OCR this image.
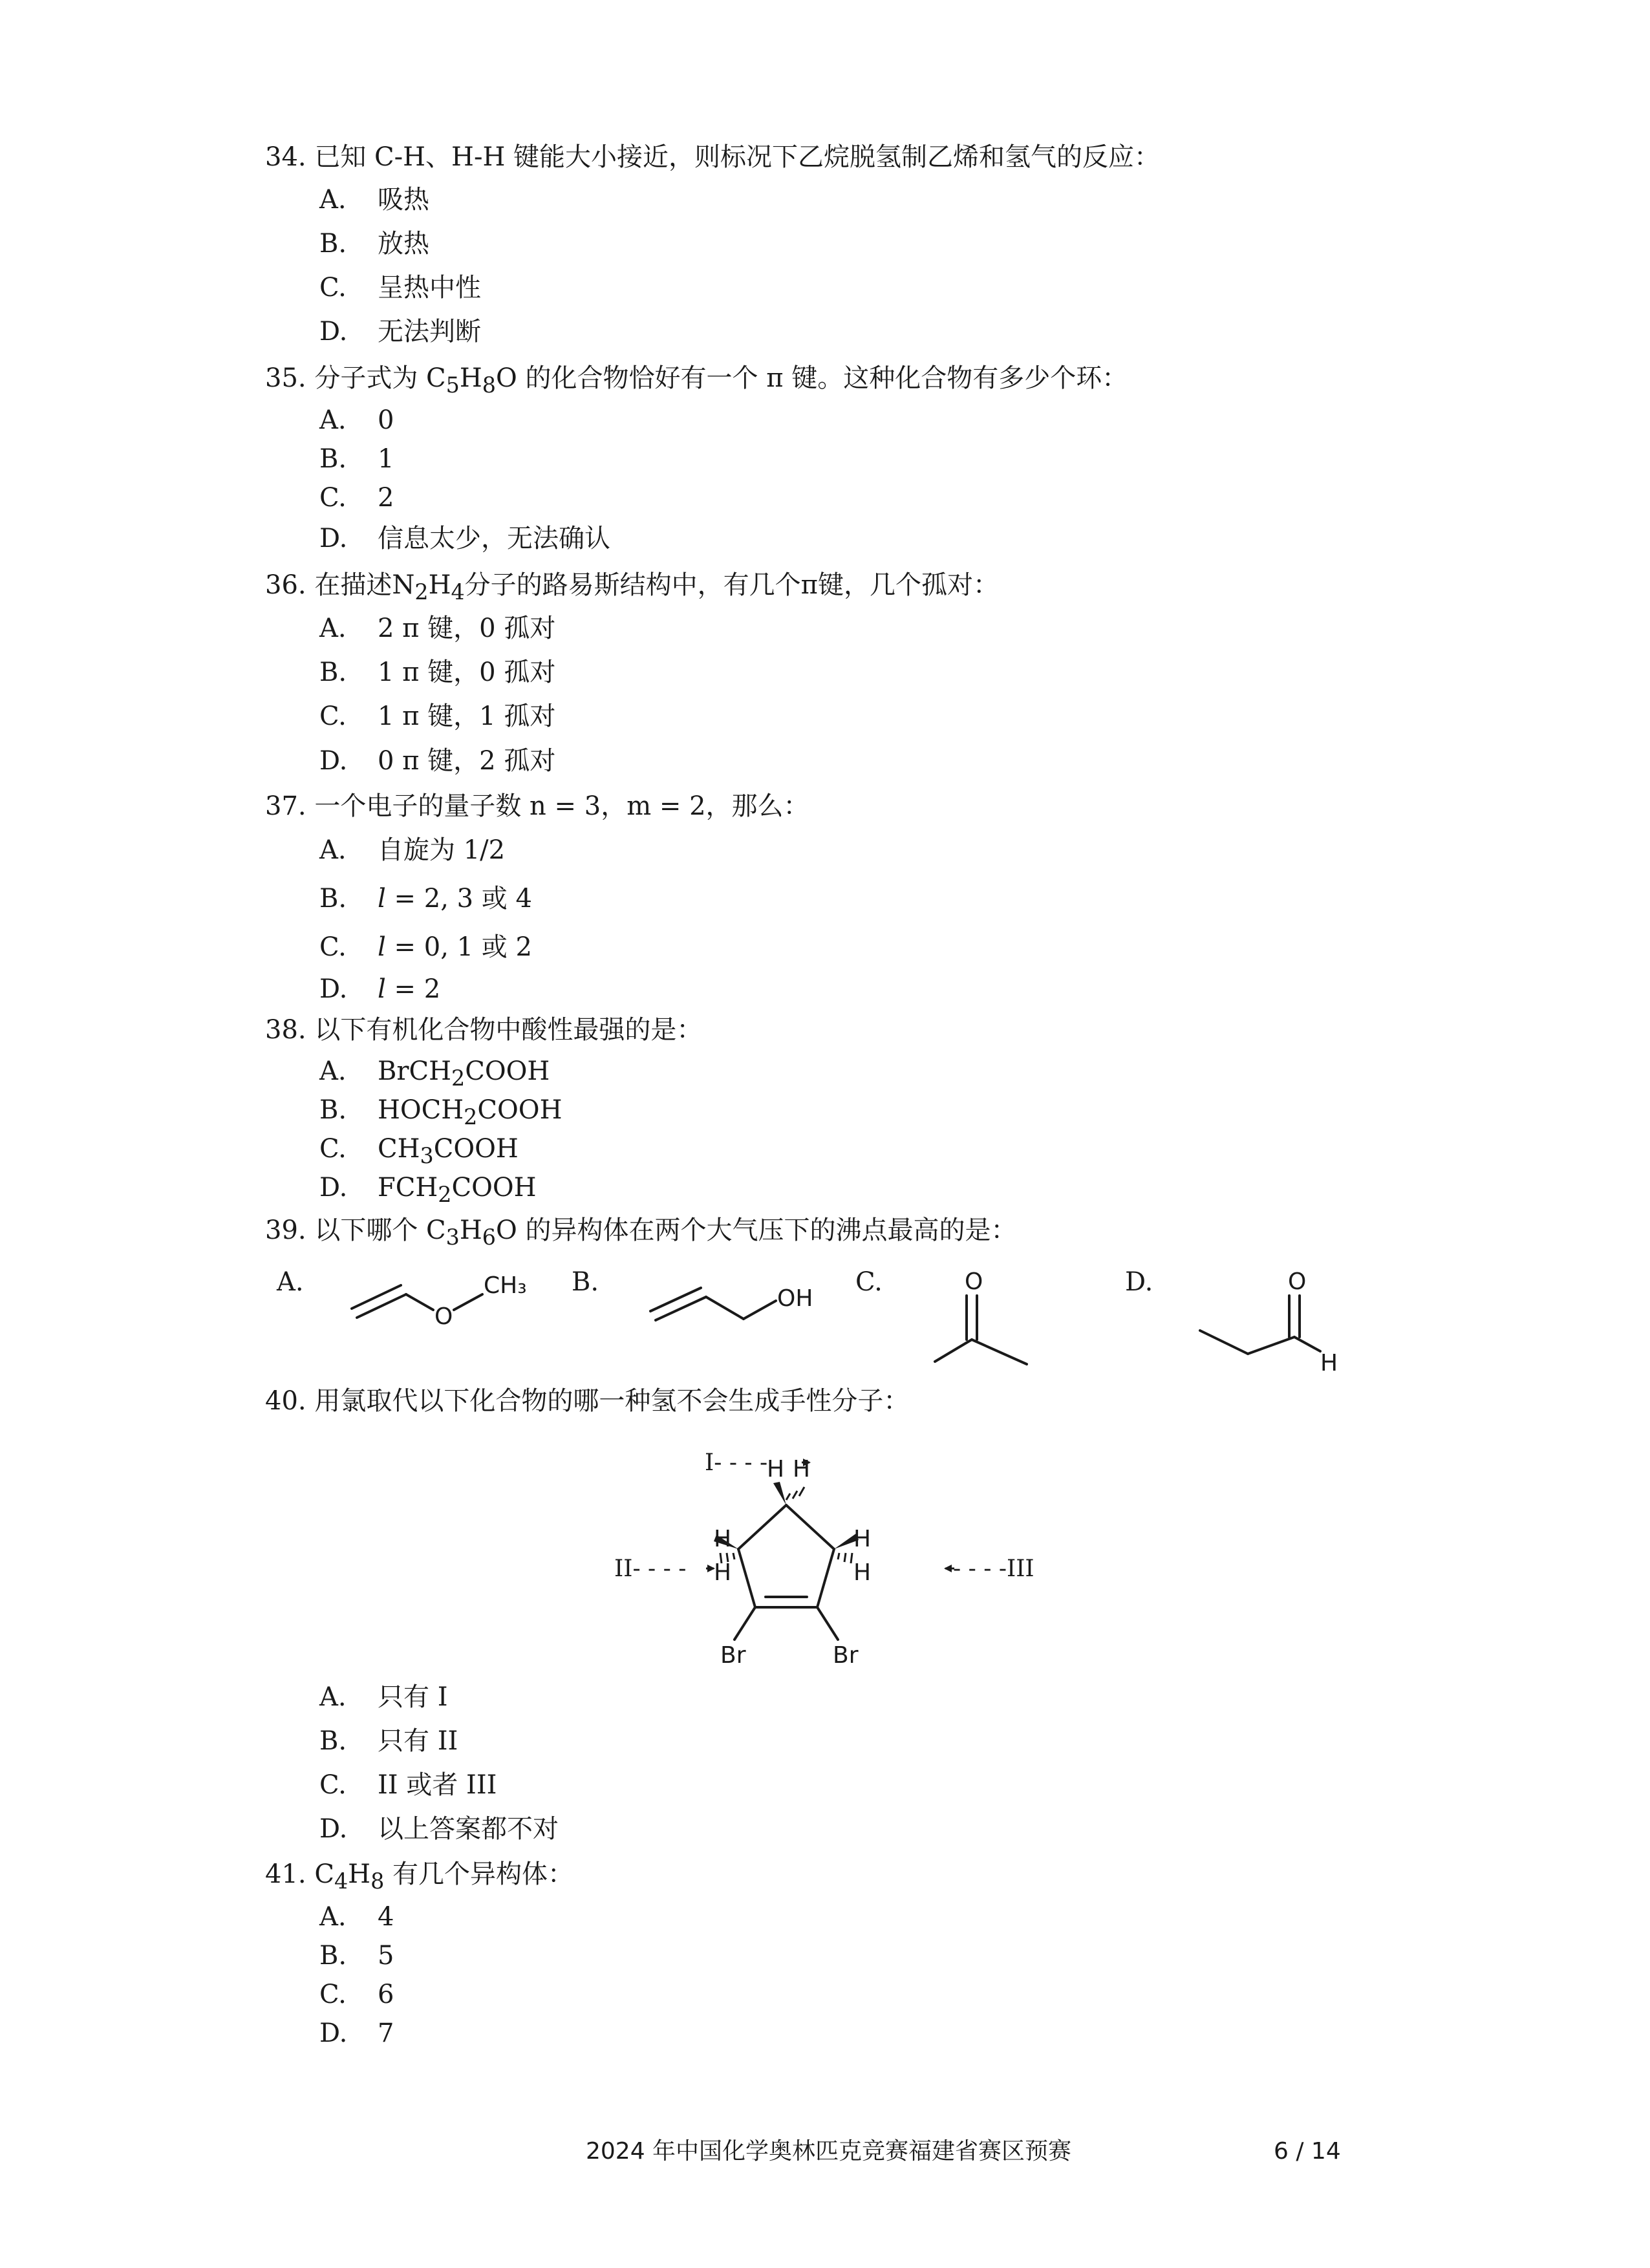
34. 已知 C-H、H-H 键能大小接近，则标况下乙烷脱氢制乙烯和氢气的反应：
A. 吸热
B. 放热
C. 呈热中性
D. 无法判断
35. 分子式为 $C_5H_8O$ 的化合物恰好有一个 π 键。这种化合物有多少个环：
A. 0
B. 1
C. 2
D. 信息太少，无法确认
36. 在描述$N_2H_4$分子的路易斯结构中，有几个π键，几个孤对：
A. 2 π 键，0 孤对
B. 1 π 键，0 孤对
C. 1 π 键，1 孤对
D. 0 π 键，2 孤对
37. 一个电子的量子数 n = 3，m = 2，那么：
A. 自旋为 1/2
B. l = 2, 3 或 4
C. l = 0, 1 或 2
D. l = 2
38. 以下有机化合物中酸性最强的是：
A. BrCH$_2$COOH
B. $HOCH_2COOH$
C. $CH_3COOH$
D. $FCH_2COOH$
39. 以下哪个 $C_3H_6O$ 的异构体在两个大气压下的沸点最高的是：
A.
O
CH₃ B.
OH
C.	O	D.	O
H
40. 用氯取代以下化合物的哪一种氢不会生成手性分子：
I- - - -
II- - - -	- - - -III
H H
H
H
H
H
Br	Br
A. 只有 I
B. 只有 II
C. II 或者 III
D. 以上答案都不对
41. $C_4H_8$ 有几个异构体：
A. 4
B. 5
C. 6
D. 7
2024 年中国化学奥林匹克竞赛福建省赛区预赛	6 / 14
